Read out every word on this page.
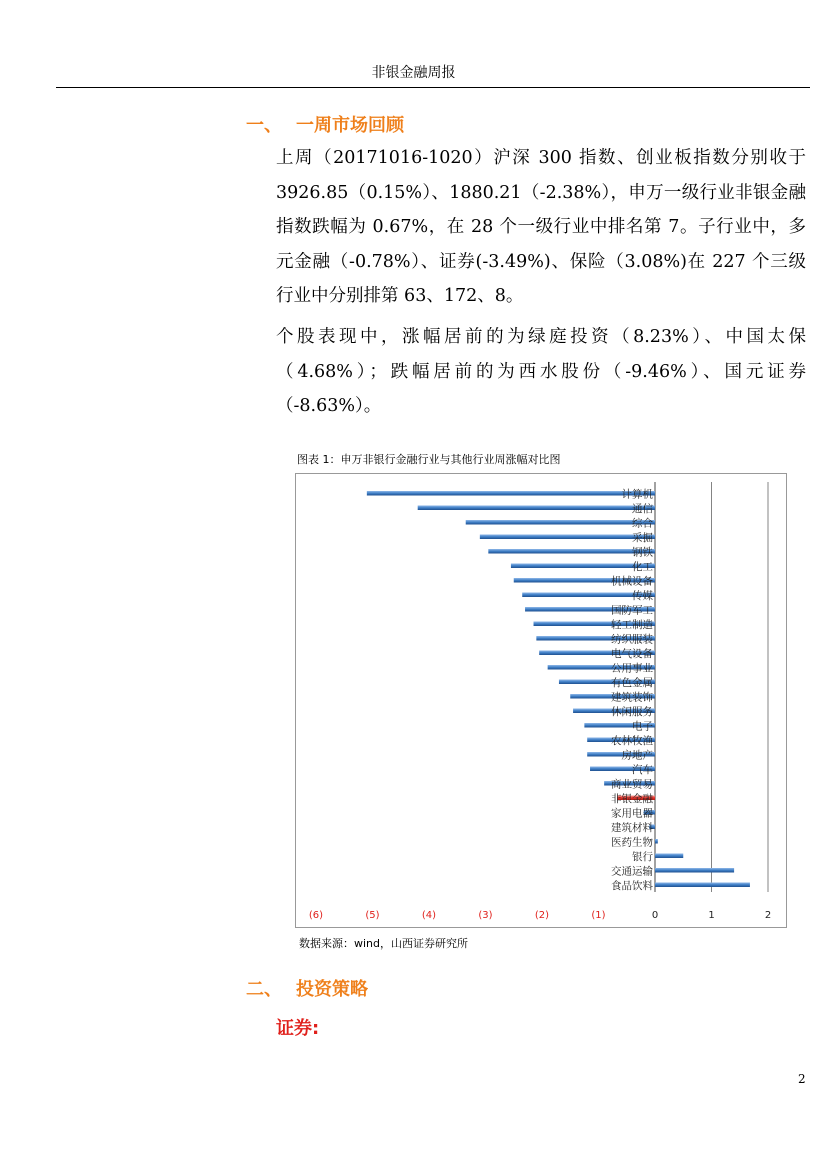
非银金融周报
一、 一周市场回顾
上周（20171016-1020）沪深 300 指数、创业板指数分别收于 3926.85（0.15%）、1880.21（-2.38%），申万一级行业非银金融指数跌幅为 0.67%，在 28 个一级行业中排名第 7。子行业中，多元金融（-0.78%）、证券(-3.49%)、保险（3.08%)在 227 个三级行业中分别排第 63、172、8。
个股表现中，涨幅居前的为绿庭投资（8.23%）、中国太保（4.68%）；跌幅居前的为西水股份（-9.46%）、国元证券（-8.63%）。
图表 1：申万非银行金融行业与其他行业周涨幅对比图
计算机
通信
综合
采掘
钢铁
化工
机械设备
传媒
国防军工
轻工制造
纺织服装
电气设备
公用事业
有色金属
建筑装饰
休闲服务
电子
农林牧渔
房地产
汽车
商业贸易
非银金融
家用电器
建筑材料
医药生物
银行
交通运输
食品饮料
(6)	(5)	(4)	(3)	(2)	(1)	0	1	2
数据来源：wind，山西证券研究所
二、 投资策略
证券:
2
